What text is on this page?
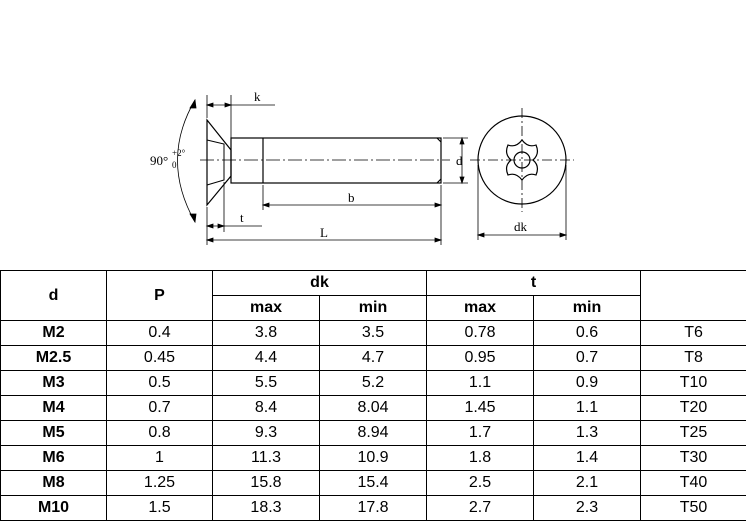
k
90° +2°
0	d
b
t
L	dk
d	P	dk		t		
		max	min	max	min	
M2	0.4	3.8	3.5	0.78	0.6	T6
M2.5	0.45	4.4	4.7	0.95	0.7	T8
M3	0.5	5.5	5.2	1.1	0.9	T10
M4	0.7	8.4	8.04	1.45	1.1	T20
M5	0.8	9.3	8.94	1.7	1.3	T25
M6	1	11.3	10.9	1.8	1.4	T30
M8	1.25	15.8	15.4	2.5	2.1	T40
M10	1.5	18.3	17.8	2.7	2.3	T50
